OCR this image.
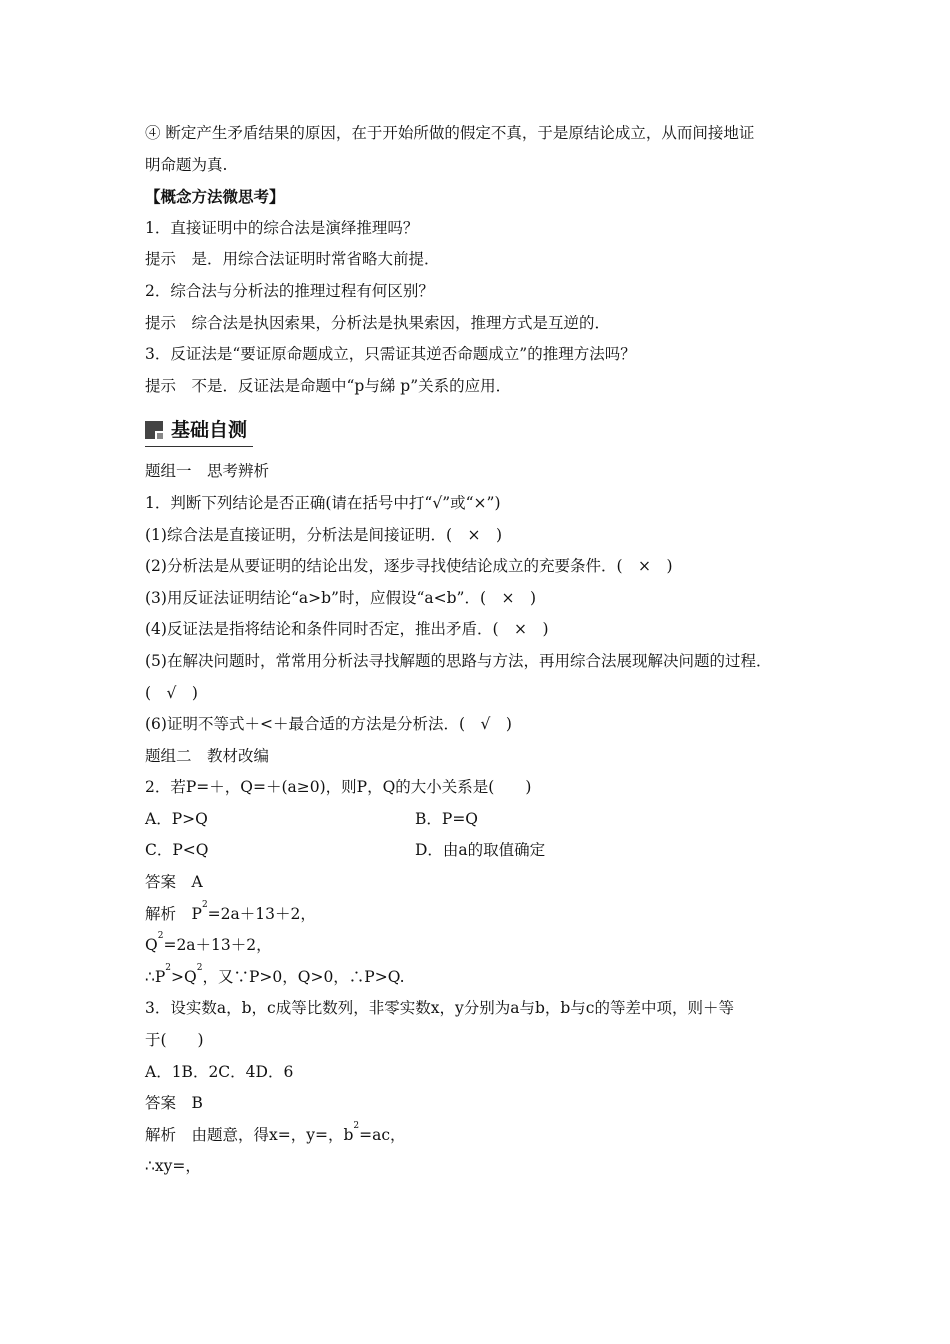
④ 断定产生矛盾结果的原因，在于开始所做的假定不真，于是原结论成立，从而间接地证
明命题为真.
【概念方法微思考】
1．直接证明中的综合法是演绎推理吗？
提示　是．用综合法证明时常省略大前提．
2．综合法与分析法的推理过程有何区别？
提示　综合法是执因索果，分析法是执果索因，推理方式是互逆的．
3．反证法是“要证原命题成立，只需证其逆否命题成立”的推理方法吗？
提示　不是．反证法是命题中“p与綈 p”关系的应用．
基础自测
题组一　思考辨析
1．判断下列结论是否正确(请在括号中打“√”或“×”)
(1)综合法是直接证明，分析法是间接证明．(　×　)
(2)分析法是从要证明的结论出发，逐步寻找使结论成立的充要条件．(　×　)
(3)用反证法证明结论“a>b”时，应假设“a<b”．(　×　)
(4)反证法是指将结论和条件同时否定，推出矛盾．(　×　)
(5)在解决问题时，常常用分析法寻找解题的思路与方法，再用综合法展现解决问题的过程．
(　√　)
(6)证明不等式＋<＋最合适的方法是分析法．(　√　)
题组二　教材改编
2．若P=＋，Q=＋(a≥0)，则P，Q的大小关系是(　　)
A．P>Q	B．P=Q
C．P<Q	D．由a的取值确定
答案　A
解析　$P^2=2a+13+2$，
$Q^2=2a+13+2$，
$\therefore P^2>Q^2$，又∵P>0，Q>0，∴P>Q.
3．设实数a，b，c成等比数列，非零实数x，y分别为a与b，b与c的等差中项，则＋等
于(　　)
A．1B．2C．4D．6
答案　B
解析　由题意，得x=，y=，$b^2=ac$，
∴xy=，
